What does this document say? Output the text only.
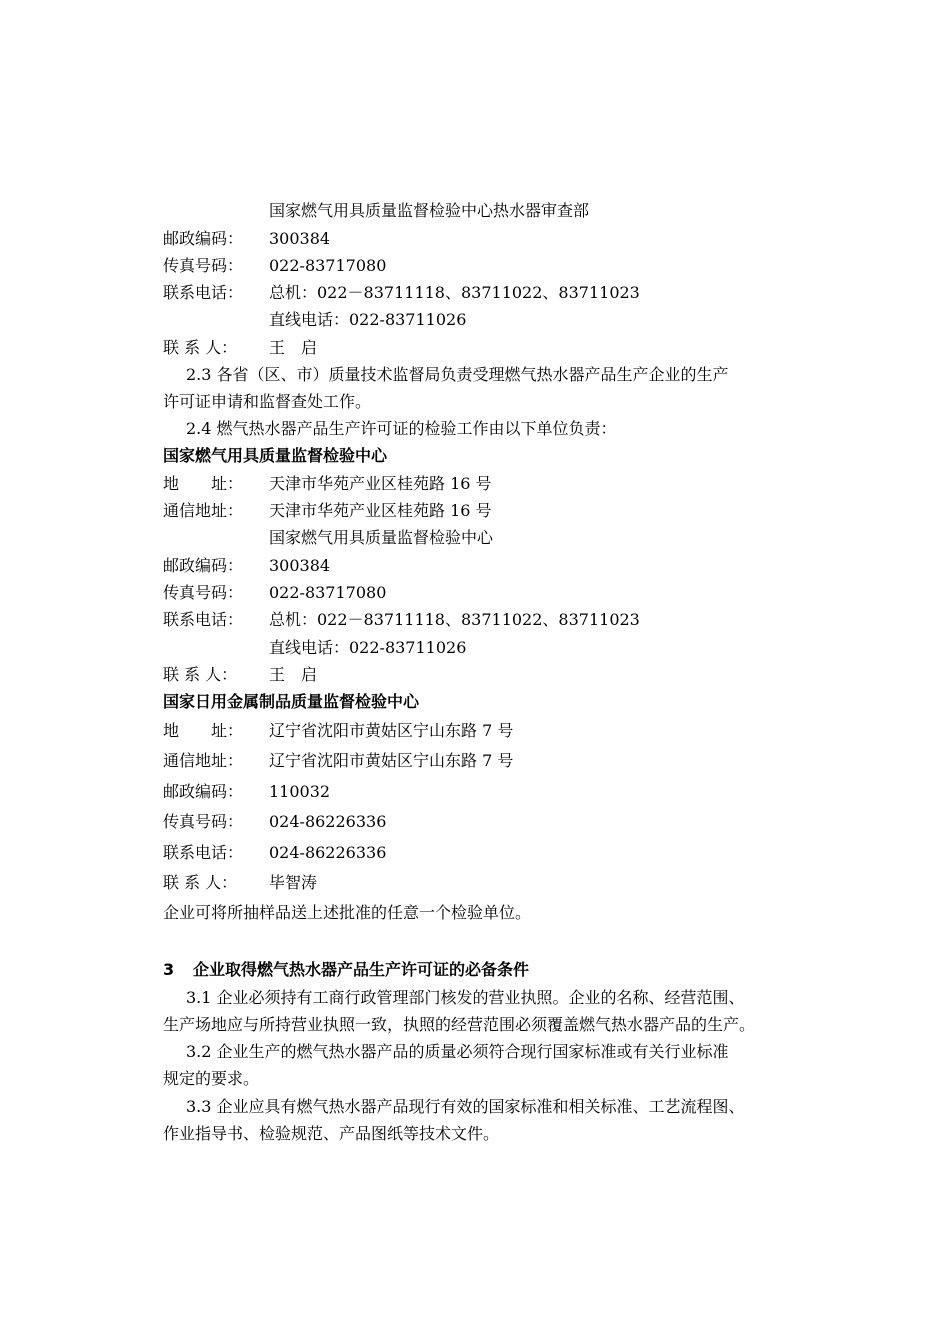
国家燃气用具质量监督检验中心热水器审查部
邮政编码： 300384
传真号码： 022-83717080
联系电话： 总机：022－83711118、83711022、83711023
直线电话：022-83711026
联 系 人： 王　启
2.3 各省（区、市）质量技术监督局负责受理燃气热水器产品生产企业的生产
许可证申请和监督查处工作。
2.4 燃气热水器产品生产许可证的检验工作由以下单位负责：
国家燃气用具质量监督检验中心
地　　址： 天津市华苑产业区桂苑路 16 号
通信地址： 天津市华苑产业区桂苑路 16 号
国家燃气用具质量监督检验中心
邮政编码： 300384
传真号码： 022-83717080
联系电话： 总机：022－83711118、83711022、83711023
直线电话：022-83711026
联 系 人： 王　启
国家日用金属制品质量监督检验中心
地　　址： 辽宁省沈阳市黄姑区宁山东路 7 号
通信地址： 辽宁省沈阳市黄姑区宁山东路 7 号
邮政编码： 110032
传真号码： 024-86226336
联系电话： 024-86226336
联 系 人： 毕智涛
企业可将所抽样品送上述批准的任意一个检验单位。
3 企业取得燃气热水器产品生产许可证的必备条件
3.1 企业必须持有工商行政管理部门核发的营业执照。企业的名称、经营范围、
生产场地应与所持营业执照一致，执照的经营范围必须覆盖燃气热水器产品的生产。
3.2 企业生产的燃气热水器产品的质量必须符合现行国家标准或有关行业标准
规定的要求。
3.3 企业应具有燃气热水器产品现行有效的国家标准和相关标准、工艺流程图、
作业指导书、检验规范、产品图纸等技术文件。
